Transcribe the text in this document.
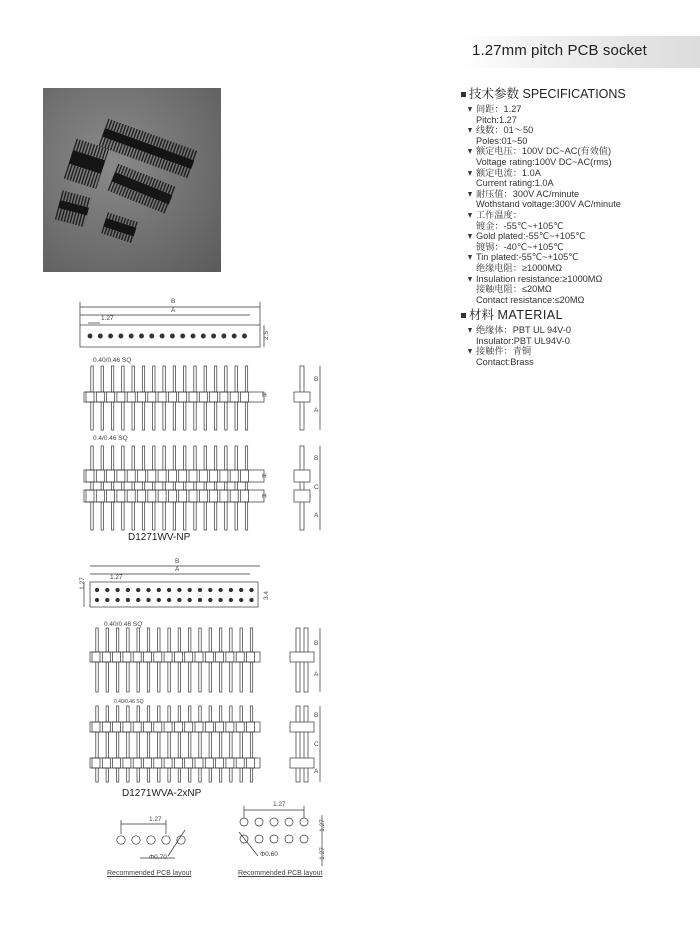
1.27mm pitch PCB socket
技术参数 SPECIFICATIONS
间距：1.27
Pitch:1.27
线数：01～50
Poles:01~50
额定电压：100V DC~AC(有效值)
Voltage rating:100V DC~AC(rms)
额定电流：1.0A
Current rating:1.0A
耐压值：300V AC/minute
Wothstand voltage:300V AC/minute
工作温度：
镀金：-55℃~+105℃
Gold plated:-55℃~+105℃
镀锡：-40℃~+105℃
Tin plated:-55℃~+105℃
绝缘电阻：≥1000MΩ
Insulation resistance:≥1000MΩ
接触电阻：≤20MΩ
Contact resistance:≤20MΩ
材料 MATERIAL
绝缘体：PBT UL 94V-0
Insulator:PBT UL94V-0
接触件：青铜
Contact:Brass
B
A
1.27
2.5
0.40/0.46 SQ
0.4/0.46 SQ
D1271WV-NP
B
A
1.27
1.27
3.4
0.40/0.46 SQ
0.40/0.46 SQ
D1271WVA-2xNP
1.27
Φ0.70
Recommended PCB layout
1.27
Φ0.60
1.27
1.27
Recommended PCB layout
B
A
H
B
C
A
H
H
B
A
B
C
A
